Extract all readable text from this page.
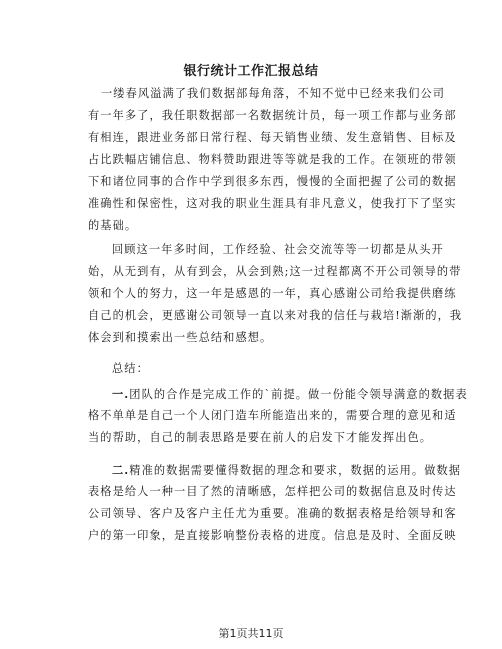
银行统计工作汇报总结
一缕春风溢满了我们数据部每角落，不知不觉中已经来我们公司
有一年多了，我任职数据部一名数据统计员，每一项工作都与业务部
有相连，跟进业务部日常行程、每天销售业绩、发生意销售、目标及
占比跌幅店铺信息、物料赞助跟进等等就是我的工作。在领班的带领
下和诸位同事的合作中学到很多东西，慢慢的全面把握了公司的数据
准确性和保密性，这对我的职业生涯具有非凡意义，使我打下了坚实
的基础。
回顾这一年多时间，工作经验、社会交流等等一切都是从头开
始，从无到有，从有到会，从会到熟;这一过程都离不开公司领导的带
领和个人的努力，这一年是感恩的一年，真心感谢公司给我提供磨练
自己的机会，更感谢公司领导一直以来对我的信任与栽培!渐渐的，我
体会到和摸索出一些总结和感想。
总结：
一.团队的合作是完成工作的`前提。做一份能令领导满意的数据表
格不单单是自己一个人闭门造车所能造出来的，需要合理的意见和适
当的帮助，自己的制表思路是要在前人的启发下才能发挥出色。
二.精准的数据需要懂得数据的理念和要求，数据的运用。做数据
表格是给人一种一目了然的清晰感，怎样把公司的数据信息及时传达
公司领导、客户及客户主任尤为重要。准确的数据表格是给领导和客
户的第一印象，是直接影响整份表格的进度。信息是及时、全面反映
第1页共11页
